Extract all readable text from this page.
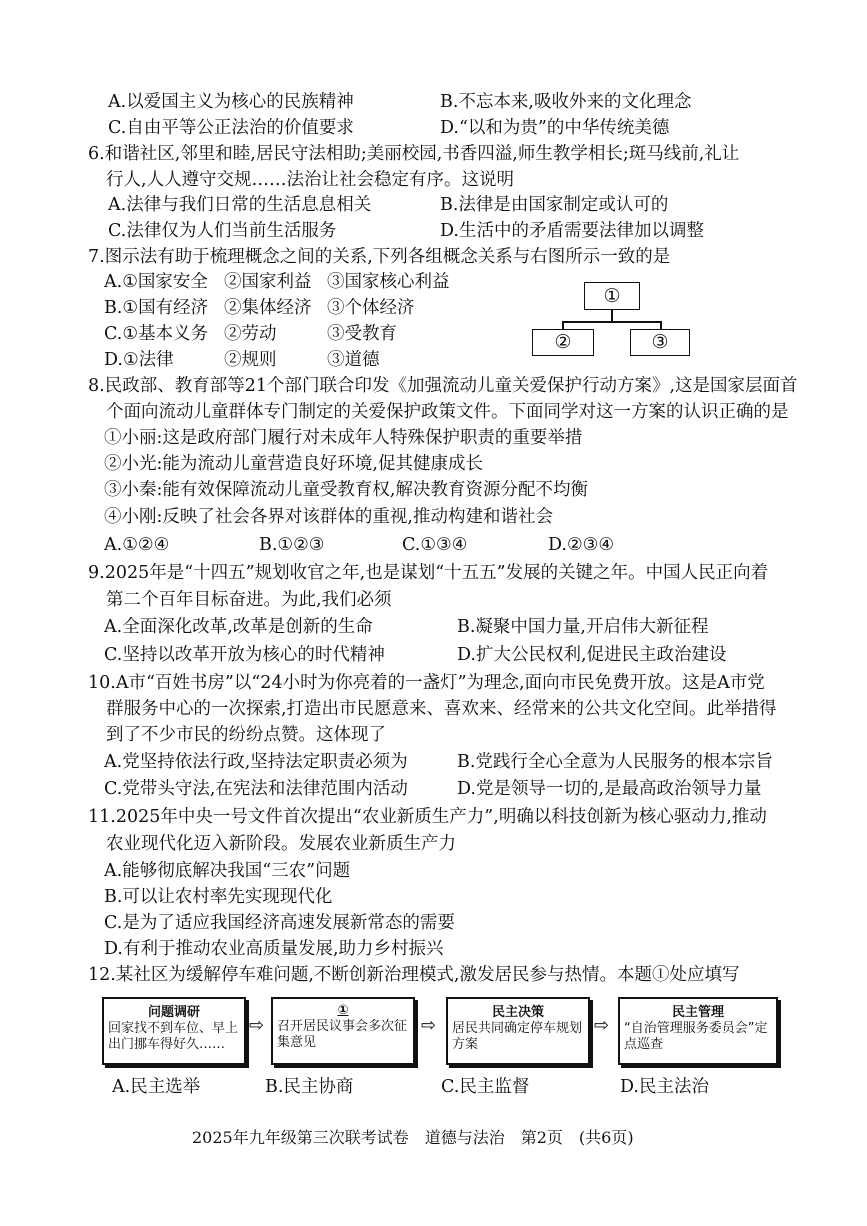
A.以爱国主义为核心的民族精神	B.不忘本来,吸收外来的文化理念
C.自由平等公正法治的价值要求	D.“以和为贵”的中华传统美德
6.和谐社区,邻里和睦,居民守法相助;美丽校园,书香四溢,师生教学相长;斑马线前,礼让
行人,人人遵守交规……法治让社会稳定有序。这说明
A.法律与我们日常的生活息息相关	B.法律是由国家制定或认可的
C.法律仅为人们当前生活服务	D.生活中的矛盾需要法律加以调整
7.图示法有助于梳理概念之间的关系,下列各组概念关系与右图所示一致的是
A.①国家安全 ②国家利益 ③国家核心利益
B.①国有经济 ②集体经济 ③个体经济
C.①基本义务 ②劳动	③受教育
D.①法律	②规则	③道德
①
②	③
8.民政部、教育部等21个部门联合印发《加强流动儿童关爱保护行动方案》,这是国家层面首
个面向流动儿童群体专门制定的关爱保护政策文件。下面同学对这一方案的认识正确的是
①小丽:这是政府部门履行对未成年人特殊保护职责的重要举措
②小光:能为流动儿童营造良好环境,促其健康成长
③小秦:能有效保障流动儿童受教育权,解决教育资源分配不均衡
④小刚:反映了社会各界对该群体的重视,推动构建和谐社会
A.①②④	B.①②③	C.①③④	D.②③④
9.2025年是“十四五”规划收官之年,也是谋划“十五五”发展的关键之年。中国人民正向着
第二个百年目标奋进。为此,我们必须
A.全面深化改革,改革是创新的生命	B.凝聚中国力量,开启伟大新征程
C.坚持以改革开放为核心的时代精神	D.扩大公民权利,促进民主政治建设
10.A市“百姓书房”以“24小时为你亮着的一盏灯”为理念,面向市民免费开放。这是A市党
群服务中心的一次探索,打造出市民愿意来、喜欢来、经常来的公共文化空间。此举措得
到了不少市民的纷纷点赞。这体现了
A.党坚持依法行政,坚持法定职责必须为	B.党践行全心全意为人民服务的根本宗旨
C.党带头守法,在宪法和法律范围内活动	D.党是领导一切的,是最高政治领导力量
11.2025年中央一号文件首次提出“农业新质生产力”,明确以科技创新为核心驱动力,推动
农业现代化迈入新阶段。发展农业新质生产力
A.能够彻底解决我国“三农”问题
B.可以让农村率先实现现代化
C.是为了适应我国经济高速发展新常态的需要
D.有利于推动农业高质量发展,助力乡村振兴
12.某社区为缓解停车难问题,不断创新治理模式,激发居民参与热情。本题①处应填写
问题调研
回家找不到车位、早上出门挪车得好久……
⇨
①
召开居民议事会多次征集意见
⇨
民主决策
居民共同确定停车规划方案
⇨
民主管理
“自治管理服务委员会”定点巡查
A.民主选举	B.民主协商	C.民主监督	D.民主法治
2025年九年级第三次联考试卷　道德与法治　第2页　(共6页)
